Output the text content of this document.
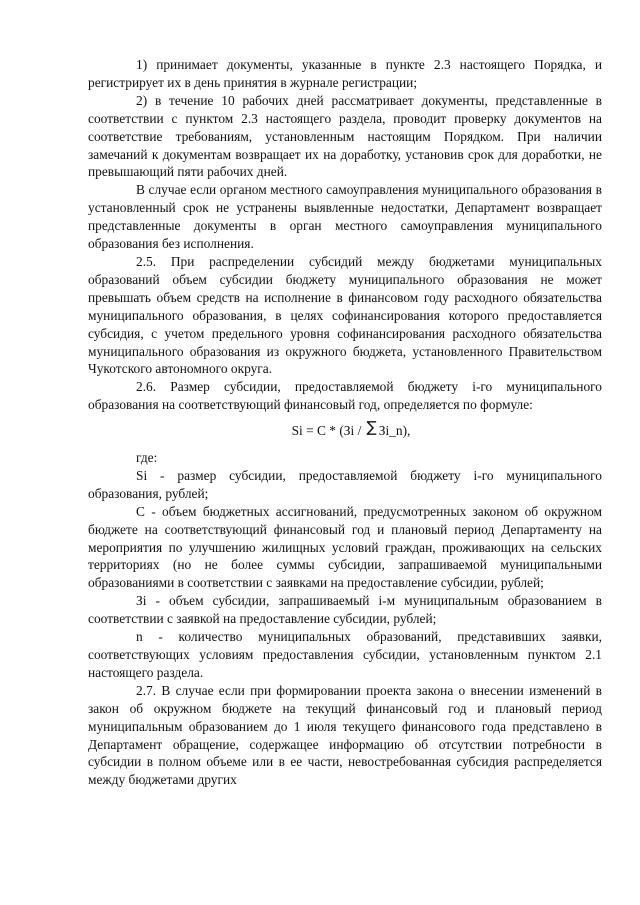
1) принимает документы, указанные в пункте 2.3 настоящего Порядка, и регистрирует их в день принятия в журнале регистрации;

2) в течение 10 рабочих дней рассматривает документы, представленные в соответствии с пунктом 2.3 настоящего раздела, проводит проверку документов на соответствие требованиям, установленным настоящим Порядком. При наличии замечаний к документам возвращает их на доработку, установив срок для доработки, не превышающий пяти рабочих дней.

В случае если органом местного самоуправления муниципального образования в установленный срок не устранены выявленные недостатки, Департамент возвращает представленные документы в орган местного самоуправления муниципального образования без исполнения.

2.5. При распределении субсидий между бюджетами муниципальных образований объем субсидии бюджету муниципального образования не может превышать объем средств на исполнение в финансовом году расходного обязательства муниципального образования, в целях софинансирования которого предоставляется субсидия, с учетом предельного уровня софинансирования расходного обязательства муниципального образования из окружного бюджета, установленного Правительством Чукотского автономного округа.

2.6. Размер субсидии, предоставляемой бюджету i-го муниципального образования на соответствующий финансовый год, определяется по формуле:

Si = C * (Зi / ∑ Зi_n),

где:

Si - размер субсидии, предоставляемой бюджету i-го муниципального образования, рублей;

C - объем бюджетных ассигнований, предусмотренных законом об окружном бюджете на соответствующий финансовый год и плановый период Департаменту на мероприятия по улучшению жилищных условий граждан, проживающих на сельских территориях (но не более суммы субсидии, запрашиваемой муниципальными образованиями в соответствии с заявками на предоставление субсидии, рублей;

Зi - объем субсидии, запрашиваемый i-м муниципальным образованием в соответствии с заявкой на предоставление субсидии, рублей;

n - количество муниципальных образований, представивших заявки, соответствующих условиям предоставления субсидии, установленным пунктом 2.1 настоящего раздела.

2.7. В случае если при формировании проекта закона о внесении изменений в закон об окружном бюджете на текущий финансовый год и плановый период муниципальным образованием до 1 июля текущего финансового года представлено в Департамент обращение, содержащее информацию об отсутствии потребности в субсидии в полном объеме или в ее части, невостребованная субсидия распределяется между бюджетами других
